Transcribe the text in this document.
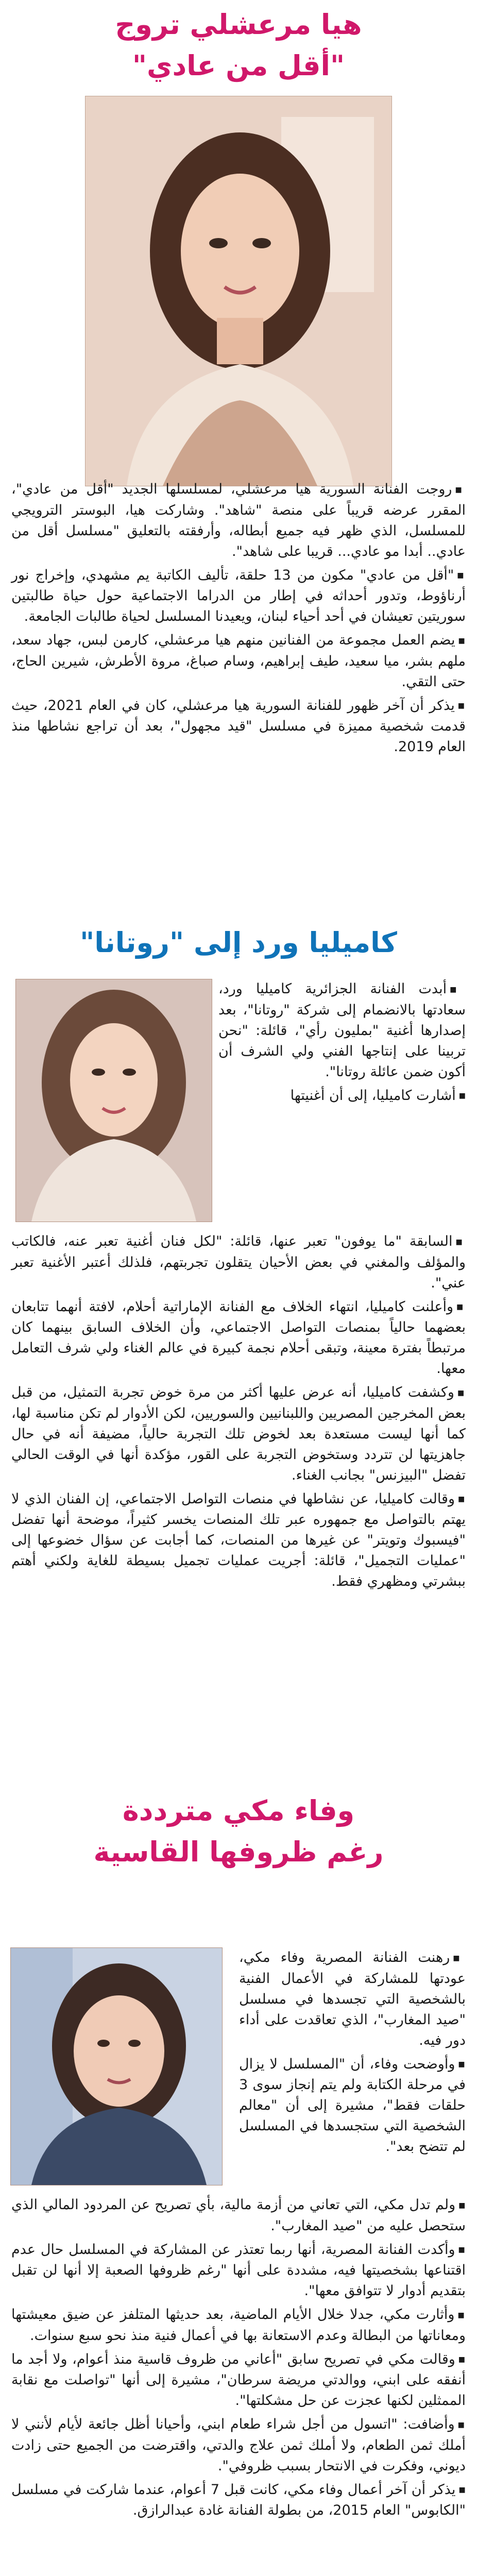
هيا مرعشلي تروج
"أقل من عادي"

■ روجت الفنانة السورية هيا مرعشلي، لمسلسلها الجديد "أقل من عادي"، المقرر عرضه قريباً على منصة "شاهد". وشاركت هيا، البوستر الترويجي للمسلسل، الذي ظهر فيه جميع أبطاله، وأرفقته بالتعليق "مسلسل أقل من عادي.. أبدا مو عادي... قريبا على شاهد".

■ "أقل من عادي" مكون من 13 حلقة، تأليف الكاتبة يم مشهدي، وإخراج نور أرناؤوط، وتدور أحداثه في إطار من الدراما الاجتماعية حول حياة طالبتين سوريتين تعيشان في أحد أحياء لبنان، ويعيدنا المسلسل لحياة طالبات الجامعة.

■ يضم العمل مجموعة من الفنانين منهم هيا مرعشلي، كارمن لبس، جهاد سعد، ملهم بشر، ميا سعيد، طيف إبراهيم، وسام صباغ، مروة الأطرش، شيرين الحاج، حتى التقي.

■ يذكر أن آخر ظهور للفنانة السورية هيا مرعشلي، كان في العام 2021، حيث قدمت شخصية مميزة في مسلسل "قيد مجهول"، بعد أن تراجع نشاطها منذ العام 2019.

كاميليا ورد إلى "روتانا"

■ أبدت الفنانة الجزائرية كاميليا ورد، سعادتها بالانضمام إلى شركة "روتانا"، بعد إصدارها أغنية "بمليون رأي"، قائلة: "نحن تربينا على إنتاجها الفني ولي الشرف أن أكون ضمن عائلة روتانا".

■ أشارت كاميليا، إلى أن أغنيتها

■ السابقة "ما يوفون" تعبر عنها، قائلة: "لكل فنان أغنية تعبر عنه، فالكاتب والمؤلف والمغني في بعض الأحيان يتقلون تجربتهم، فلذلك أعتبر الأغنية تعبر عني".

■ وأعلنت كاميليا، انتهاء الخلاف مع الفنانة الإماراتية أحلام، لافتة أنهما تتابعان بعضهما حالياً بمنصات التواصل الاجتماعي، وأن الخلاف السابق بينهما كان مرتبطاً بفترة معينة، وتبقى أحلام نجمة كبيرة في عالم الغناء ولي شرف التعامل معها.

■ وكشفت كاميليا، أنه عرض عليها أكثر من مرة خوض تجربة التمثيل، من قبل بعض المخرجين المصريين واللبنانيين والسوريين، لكن الأدوار لم تكن مناسبة لها، كما أنها ليست مستعدة بعد لخوض تلك التجربة حالياً، مضيفة أنه في حال جاهزيتها لن تتردد وستخوض التجربة على القور، مؤكدة أنها في الوقت الحالي تفضل "البيزنس" بجانب الغناء.

■ وقالت كاميليا، عن نشاطها في منصات التواصل الاجتماعي، إن الفنان الذي لا يهتم بالتواصل مع جمهوره عبر تلك المنصات يخسر كثيراً، موضحة أنها تفضل "فيسبوك وتويتر" عن غيرها من المنصات، كما أجابت عن سؤال خضوعها إلى "عمليات التجميل"، قائلة: أجريت عمليات تجميل بسيطة للغاية ولكني أهتم ببشرتي ومظهري فقط.

وفاء مكي مترددة
رغم ظروفها القاسية

■ رهنت الفنانة المصرية وفاء مكي، عودتها للمشاركة في الأعمال الفنية بالشخصية التي تجسدها في مسلسل "صيد المغارب"، الذي تعاقدت على أداء دور فيه.

■ وأوضحت وفاء، أن "المسلسل لا يزال في مرحلة الكتابة ولم يتم إنجاز سوى 3 حلقات فقط"، مشيرة إلى أن "معالم الشخصية التي ستجسدها في المسلسل لم تتضح بعد".

■ ولم تدل مكي، التي تعاني من أزمة مالية، بأي تصريح عن المردود المالي الذي ستحصل عليه من "صيد المغارب".

■ وأكدت الفنانة المصرية، أنها ربما تعتذر عن المشاركة في المسلسل حال عدم اقتناعها بشخصيتها فيه، مشددة على أنها "رغم ظروفها الصعبة إلا أنها لن تقبل بتقديم أدوار لا تتوافق معها".

■ وأثارت مكي، جدلا خلال الأيام الماضية، بعد حديثها المتلفز عن ضيق معيشتها ومعاناتها من البطالة وعدم الاستعانة بها في أعمال فنية منذ نحو سبع سنوات.

■ وقالت مكي في تصريح سابق "أعاني من ظروف قاسية منذ أعوام، ولا أجد ما أنفقه على ابني، ووالدتي مريضة سرطان"، مشيرة إلى أنها "تواصلت مع نقابة الممثلين لكنها عجزت عن حل مشكلتها".

■ وأضافت: "اتسول من أجل شراء طعام ابني، وأحيانا أظل جائعة لأيام لأنني لا أملك ثمن الطعام، ولا أملك ثمن علاج والدتي، واقترضت من الجميع حتى زادت ديوني، وفكرت في الانتحار بسبب ظروفي".

■ يذكر أن آخر أعمال وفاء مكي، كانت قبل 7 أعوام، عندما شاركت في مسلسل "الكابوس" العام 2015، من بطولة الفنانة غادة عبدالرازق.
